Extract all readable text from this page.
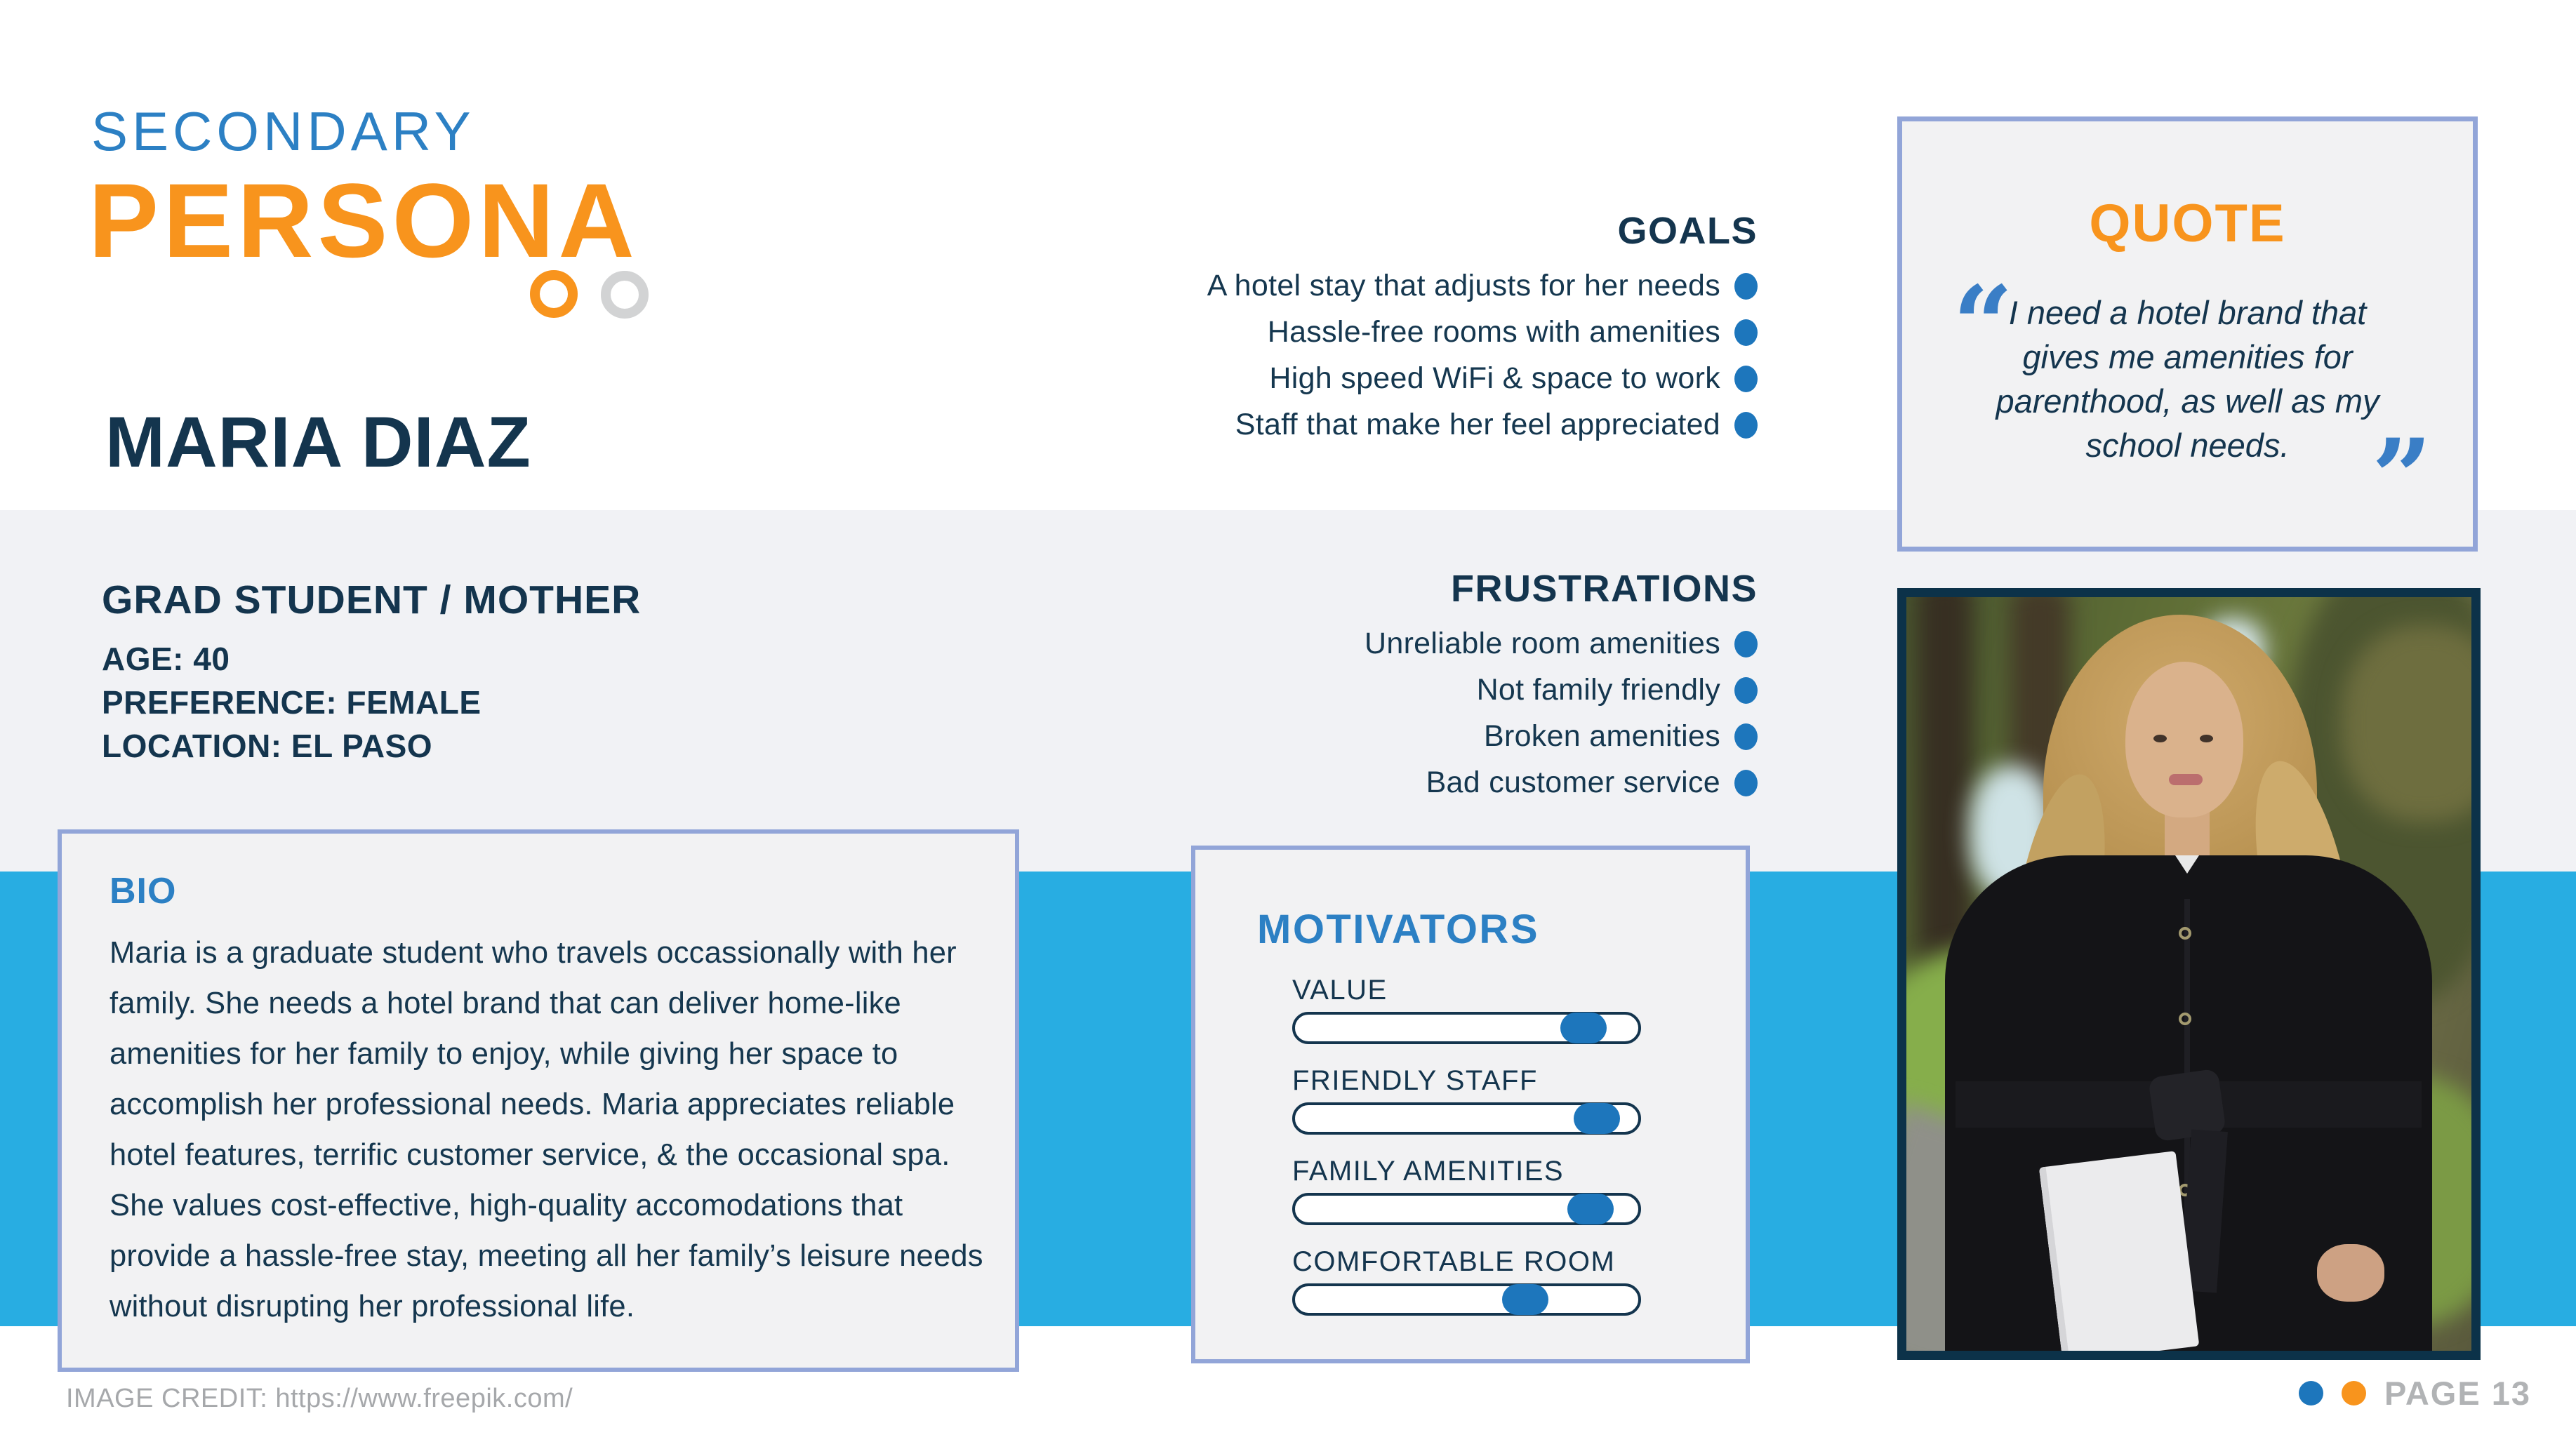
SECONDARY
PERSONA
MARIA DIAZ
GRAD STUDENT / MOTHER
AGE: 40
PREFERENCE: FEMALE
LOCATION: EL PASO
GOALS
A hotel stay that adjusts for her needs
Hassle-free rooms with amenities
High speed WiFi & space to work
Staff that make her feel appreciated
FRUSTRATIONS
Unreliable room amenities
Not family friendly
Broken amenities
Bad customer service
QUOTE
“
I need a hotel brand that gives me amenities for parenthood, as well as my school needs. ”
BIO
Maria is a graduate student who travels occassionally with her family. She needs a hotel brand that can deliver home-like amenities for her family to enjoy, while giving her space to accomplish her professional needs. Maria appreciates reliable hotel features, terrific customer service, & the occasional spa. She values cost-effective, high-quality accomodations that provide a hassle-free stay, meeting all her family’s leisure needs without disrupting her professional life.
MOTIVATORS
VALUE
FRIENDLY STAFF
FAMILY AMENITIES
COMFORTABLE ROOM
IMAGE CREDIT: https://www.freepik.com/	PAGE 13
